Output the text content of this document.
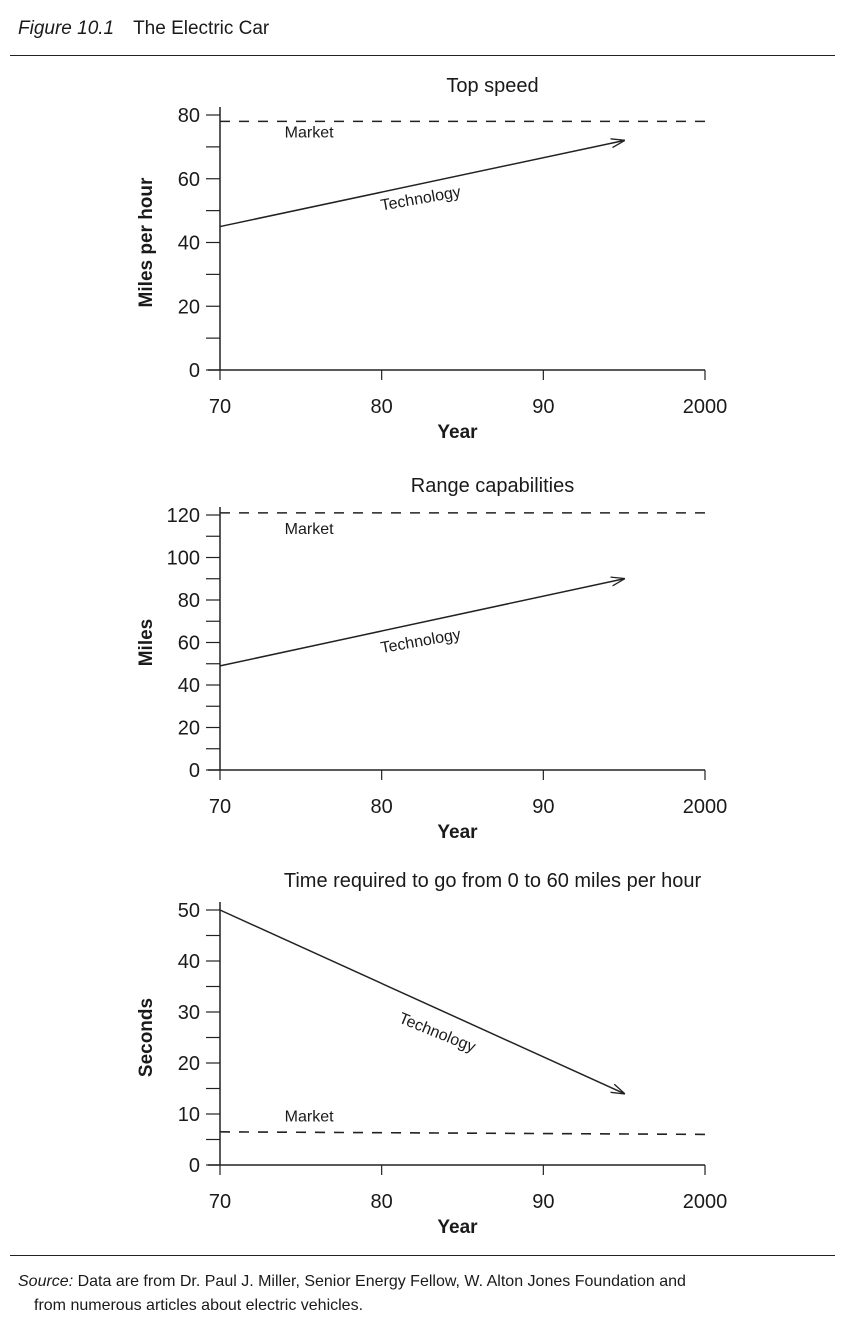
Figure 10.1 The Electric Car
Top speed
0
20
40
60
80
70	80	90	2000
Year
Miles per hour
Market
Technology
Range capabilities
0
20
40
60
80
100
120
70	80	90	2000
Year
Miles
Market
Technology
Time required to go from 0 to 60 miles per hour
0
10
20
30
40
50
70	80	90	2000
Year
Seconds	Technology
Market
Source: Data are from Dr. Paul J. Miller, Senior Energy Fellow, W. Alton Jones Foundation and
from numerous articles about electric vehicles.
